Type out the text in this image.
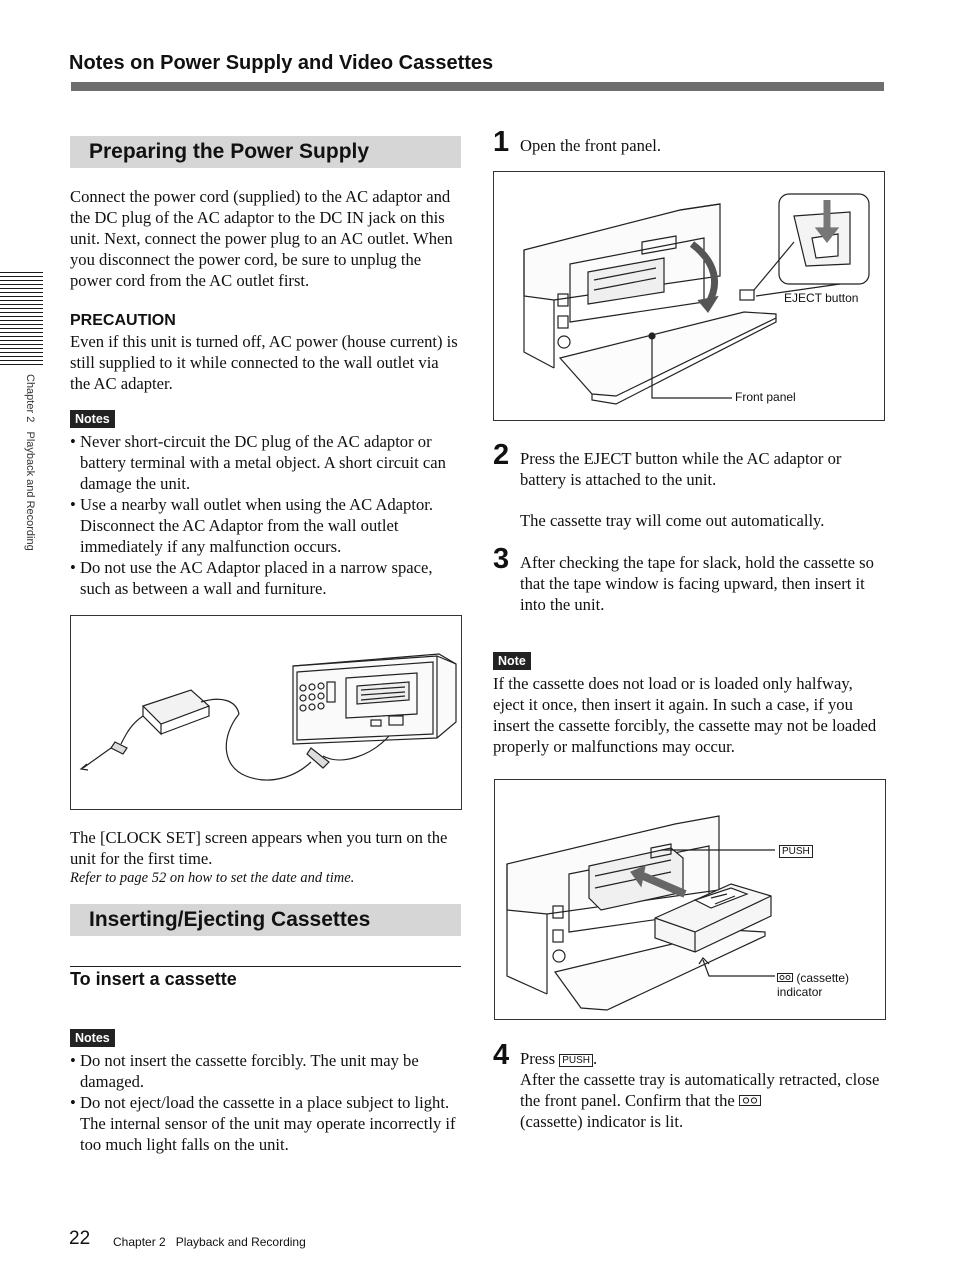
Notes on Power Supply and Video Cassettes
Chapter 2   Playback and Recording
Preparing the Power Supply
Connect the power cord (supplied) to the AC adaptor and the DC plug of the AC adaptor to the DC IN jack on this unit. Next, connect the power plug to an AC outlet. When you disconnect the power cord, be sure to unplug the power cord from the AC outlet first.
PRECAUTION
Even if this unit is turned off, AC power (house current) is still supplied to it while connected to the wall outlet via the AC adapter.
Notes
• Never short-circuit the DC plug of the AC adaptor or battery terminal with a metal object. A short circuit can damage the unit.
• Use a nearby wall outlet when using the AC Adaptor. Disconnect the AC Adaptor from the wall outlet immediately if any malfunction occurs.
• Do not use the AC Adaptor placed in a narrow space, such as between a wall and furniture.
The [CLOCK SET] screen appears when you turn on the unit for the first time.
Refer to page 52 on how to set the date and time.
Inserting/Ejecting Cassettes
To insert a cassette
Notes
• Do not insert the cassette forcibly. The unit may be damaged.
• Do not eject/load the cassette in a place subject to light. The internal sensor of the unit may operate incorrectly if too much light falls on the unit.
1 Open the front panel.
EJECT button
Front panel
2 Press the EJECT button while the AC adaptor or battery is attached to the unit.
The cassette tray will come out automatically.
3 After checking the tape for slack, hold the cassette so that the tape window is facing upward, then insert it into the unit.
Note
If the cassette does not load or is loaded only halfway, eject it once, then insert it again. In such a case, if you insert the cassette forcibly, the cassette may not be loaded properly or malfunctions may occur.
PUSH
(cassette)
indicator
4 Press PUSH .
After the cassette tray is automatically retracted, close the front panel. Confirm that the
(cassette) indicator is lit.
22 Chapter 2   Playback and Recording
